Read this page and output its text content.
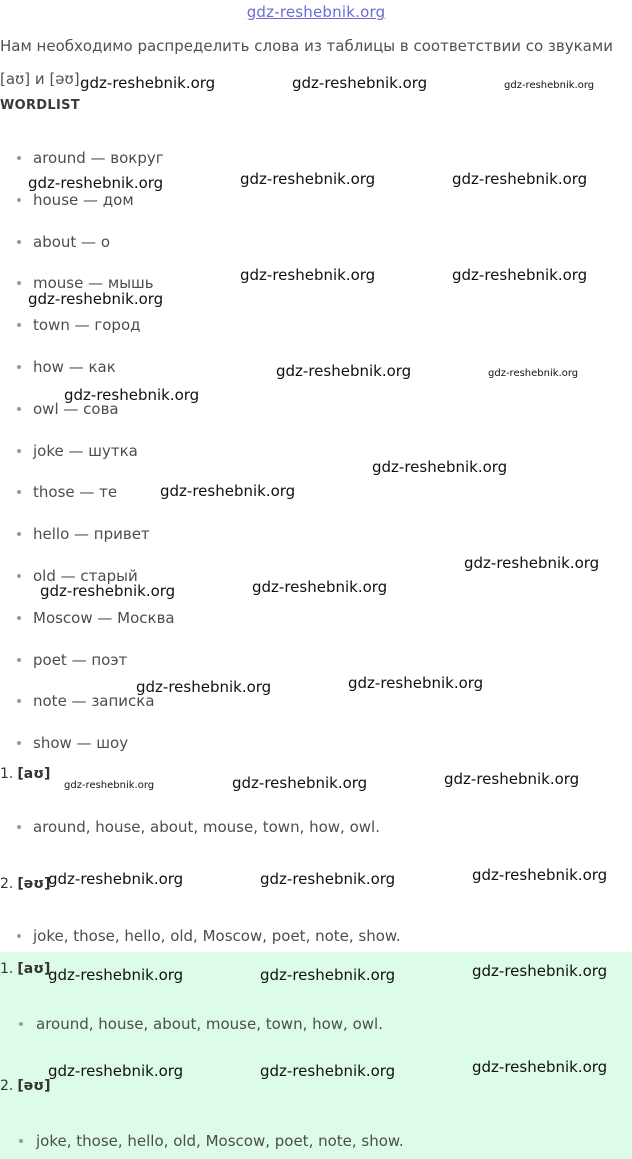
gdz-reshebnik.org

Нам необходимо распределить слова из таблицы в соответствии со звуками [aʊ] и [əʊ].

WORDLIST
around — вокруг
house — дом
about — о
mouse — мышь
town — город
how — как
owl — сова
joke — шутка
those — те
hello — привет
old — старый
Moscow — Москва
poet — поэт
note — записка
show — шоу
1. [aʊ]
around, house, about, mouse, town, how, owl.
2. [əʊ]
joke, those, hello, old, Moscow, poet, note, show.
1. [aʊ]
around, house, about, mouse, town, how, owl.
2. [əʊ]
joke, those, hello, old, Moscow, poet, note, show.
gdz-reshebnik.org	gdz-reshebnik.org	gdz-reshebnik.org
gdz-reshebnik.org	gdz-reshebnik.org	gdz-reshebnik.org
gdz-reshebnik.org	gdz-reshebnik.org
gdz-reshebnik.org
gdz-reshebnik.org	gdz-reshebnik.org
gdz-reshebnik.org
gdz-reshebnik.org
gdz-reshebnik.org
gdz-reshebnik.org
gdz-reshebnik.org
gdz-reshebnik.org
gdz-reshebnik.org
gdz-reshebnik.org
gdz-reshebnik.org	gdz-reshebnik.org	gdz-reshebnik.org
gdz-reshebnik.org	gdz-reshebnik.org	gdz-reshebnik.org
gdz-reshebnik.org	gdz-reshebnik.org	gdz-reshebnik.org
gdz-reshebnik.org	gdz-reshebnik.org	gdz-reshebnik.org
